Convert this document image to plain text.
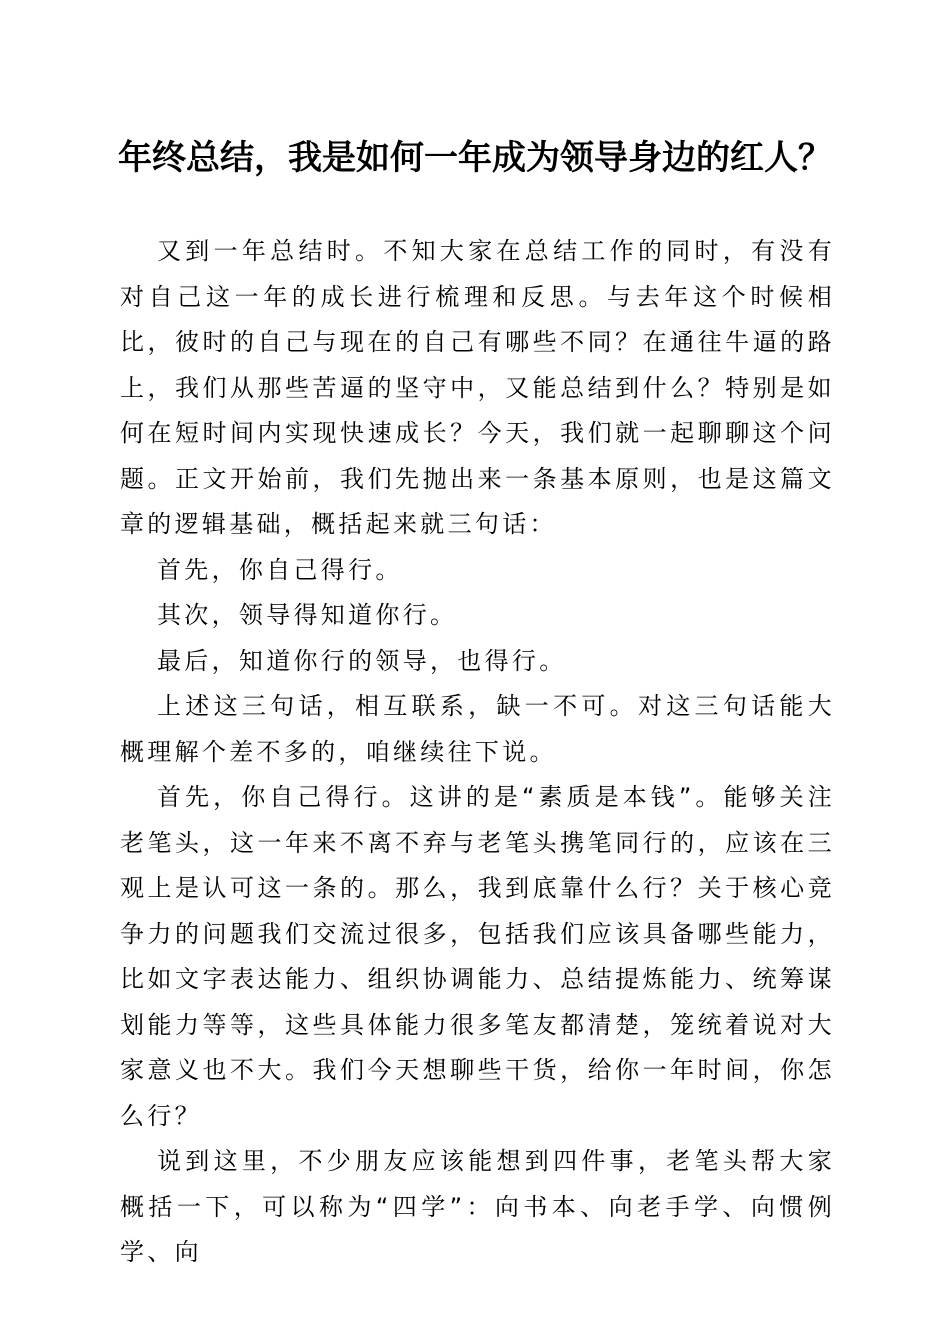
年终总结，我是如何一年成为领导身边的红人？

又到一年总结时。不知大家在总结工作的同时，有没有对自己这一年的成长进行梳理和反思。与去年这个时候相比，彼时的自己与现在的自己有哪些不同？在通往牛逼的路上，我们从那些苦逼的坚守中，又能总结到什么？特别是如何在短时间内实现快速成长？今天，我们就一起聊聊这个问题。正文开始前，我们先抛出来一条基本原则，也是这篇文章的逻辑基础，概括起来就三句话：

首先，你自己得行。

其次，领导得知道你行。

最后，知道你行的领导，也得行。

上述这三句话，相互联系，缺一不可。对这三句话能大概理解个差不多的，咱继续往下说。

首先，你自己得行。这讲的是“素质是本钱”。能够关注老笔头，这一年来不离不弃与老笔头携笔同行的，应该在三观上是认可这一条的。那么，我到底靠什么行？关于核心竞争力的问题我们交流过很多，包括我们应该具备哪些能力，比如文字表达能力、组织协调能力、总结提炼能力、统筹谋划能力等等，这些具体能力很多笔友都清楚，笼统着说对大家意义也不大。我们今天想聊些干货，给你一年时间，你怎么行？

说到这里，不少朋友应该能想到四件事，老笔头帮大家概括一下，可以称为“四学”：向书本、向老手学、向惯例学、向
